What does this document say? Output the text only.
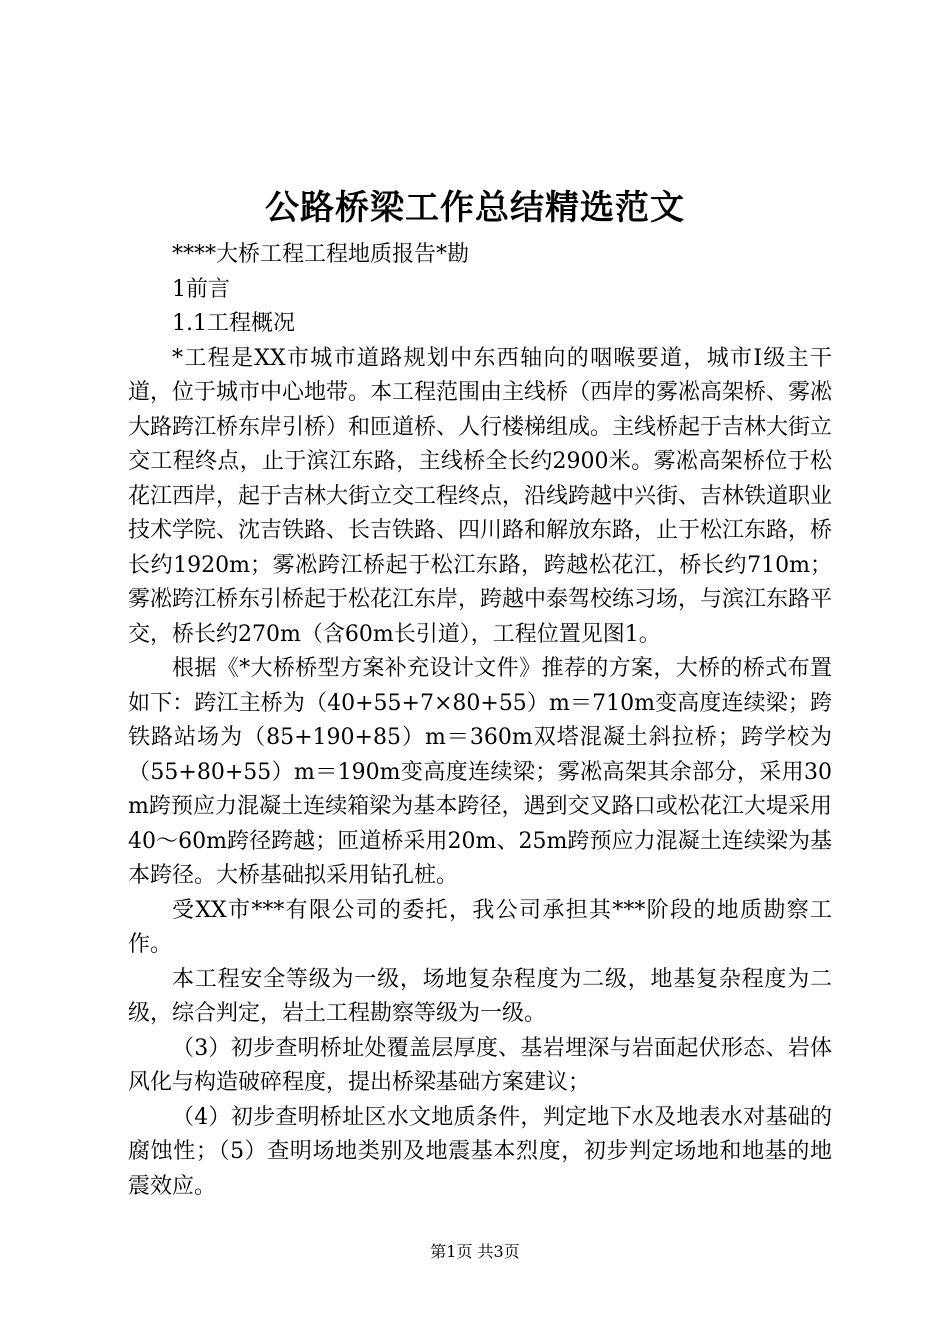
公路桥梁工作总结精选范文

****大桥工程工程地质报告*勘

1前言

1.1工程概况

*工程是XX市城市道路规划中东西轴向的咽喉要道，城市Ⅰ级主干道，位于城市中心地带。本工程范围由主线桥（西岸的雾凇高架桥、雾凇大路跨江桥东岸引桥）和匝道桥、人行楼梯组成。主线桥起于吉林大街立交工程终点，止于滨江东路，主线桥全长约2900米。雾凇高架桥位于松花江西岸，起于吉林大街立交工程终点，沿线跨越中兴街、吉林铁道职业技术学院、沈吉铁路、长吉铁路、四川路和解放东路，止于松江东路，桥长约1920m；雾凇跨江桥起于松江东路，跨越松花江，桥长约710m；雾凇跨江桥东引桥起于松花江东岸，跨越中泰驾校练习场，与滨江东路平交，桥长约270m（含60m长引道），工程位置见图1。

根据《*大桥桥型方案补充设计文件》推荐的方案，大桥的桥式布置如下：跨江主桥为（40+55+7×80+55）m＝710m变高度连续梁；跨铁路站场为（85+190+85）m＝360m双塔混凝土斜拉桥；跨学校为（55+80+55）m＝190m变高度连续梁；雾凇高架其余部分，采用30m跨预应力混凝土连续箱梁为基本跨径，遇到交叉路口或松花江大堤采用40～60m跨径跨越；匝道桥采用20m、25m跨预应力混凝土连续梁为基本跨径。大桥基础拟采用钻孔桩。

受XX市***有限公司的委托，我公司承担其***阶段的地质勘察工作。

本工程安全等级为一级，场地复杂程度为二级，地基复杂程度为二级，综合判定，岩土工程勘察等级为一级。

（3）初步查明桥址处覆盖层厚度、基岩埋深与岩面起伏形态、岩体风化与构造破碎程度，提出桥梁基础方案建议；

（4）初步查明桥址区水文地质条件，判定地下水及地表水对基础的腐蚀性；（5）查明场地类别及地震基本烈度，初步判定场地和地基的地震效应。

第1页 共3页
